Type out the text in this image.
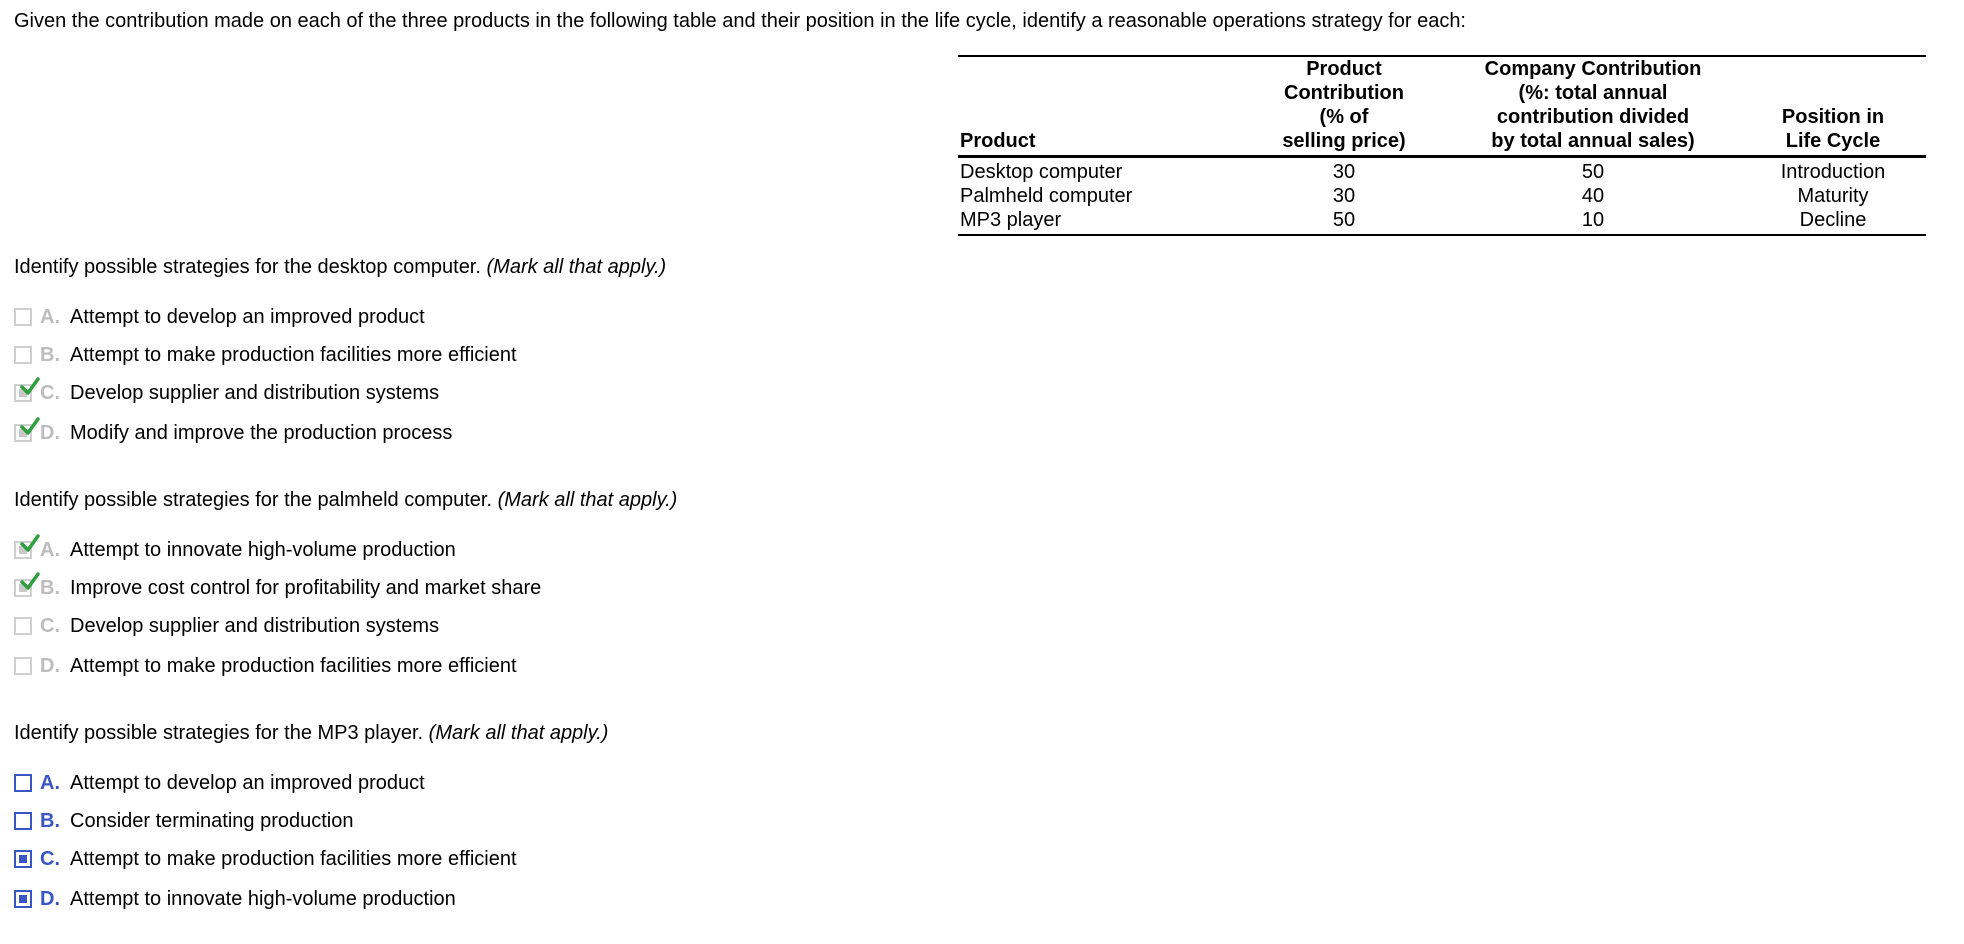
Given the contribution made on each of the three products in the following table and their position in the life cycle, identify a reasonable operations strategy for each:
Product	Product
Contribution
(% of
selling price)	Company Contribution
(%: total annual
contribution divided
by total annual sales)	Position in
Life Cycle

Desktop computer	30	50	Introduction
Palmheld computer	30	40	Maturity
MP3 player	50	10	Decline
Identify possible strategies for the desktop computer. (Mark all that apply.)
A. Attempt to develop an improved product
B. Attempt to make production facilities more efficient
C. Develop supplier and distribution systems
D. Modify and improve the production process
Identify possible strategies for the palmheld computer. (Mark all that apply.)
A. Attempt to innovate high-volume production
B. Improve cost control for profitability and market share
C. Develop supplier and distribution systems
D. Attempt to make production facilities more efficient
Identify possible strategies for the MP3 player. (Mark all that apply.)
A. Attempt to develop an improved product
B. Consider terminating production
C. Attempt to make production facilities more efficient
D. Attempt to innovate high-volume production
